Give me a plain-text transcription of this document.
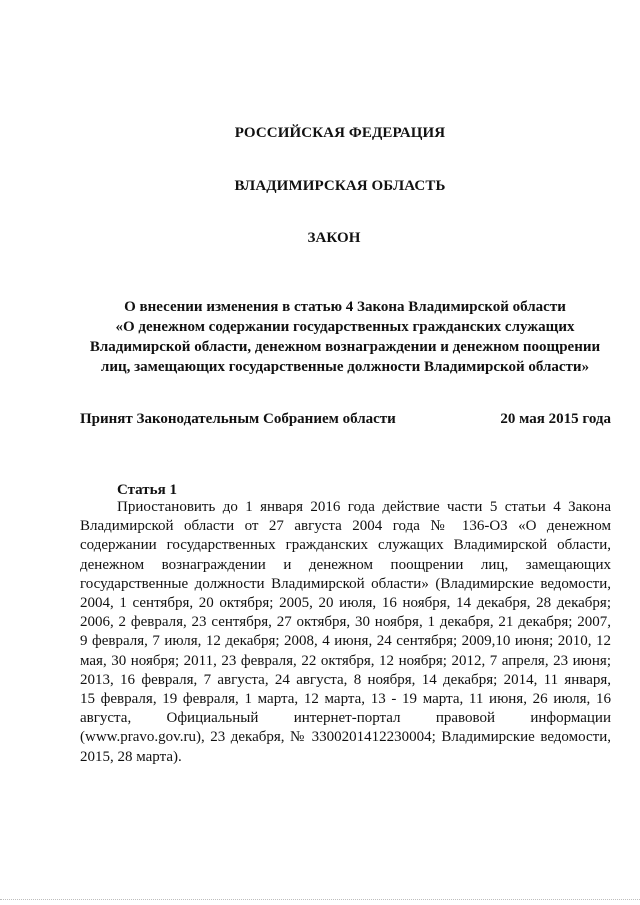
РОССИЙСКАЯ ФЕДЕРАЦИЯ
ВЛАДИМИРСКАЯ ОБЛАСТЬ
ЗАКОН
О внесении изменения в статью 4 Закона Владимирской области
«О денежном содержании государственных гражданских служащих
Владимирской области, денежном вознаграждении и денежном поощрении
лиц, замещающих государственные должности Владимирской области»
Принят Законодательным Собранием области	20 мая 2015 года
Статья 1
Приостановить до 1 января 2016 года действие части 5 статьи 4 Закона
Владимирской области от 27 августа 2004 года № 136-ОЗ «О денежном
содержании государственных гражданских служащих Владимирской области,
денежном вознаграждении и денежном поощрении лиц, замещающих
государственные должности Владимирской области» (Владимирские ведомости,
2004, 1 сентября, 20 октября; 2005, 20 июля, 16 ноября, 14 декабря, 28 декабря;
2006, 2 февраля, 23 сентября, 27 октября, 30 ноября, 1 декабря, 21 декабря; 2007,
9 февраля, 7 июля, 12 декабря; 2008, 4 июня, 24 сентября; 2009,10 июня; 2010, 12
мая, 30 ноября; 2011, 23 февраля, 22 октября, 12 ноября; 2012, 7 апреля, 23 июня;
2013, 16 февраля, 7 августа, 24 августа, 8 ноября, 14 декабря; 2014, 11 января,
15 февраля, 19 февраля, 1 марта, 12 марта, 13 - 19 марта, 11 июня, 26 июля, 16
августа, Официальный интернет-портал правовой информации
(www.pravo.gov.ru), 23 декабря, № 3300201412230004; Владимирские ведомости,
2015, 28 марта).
